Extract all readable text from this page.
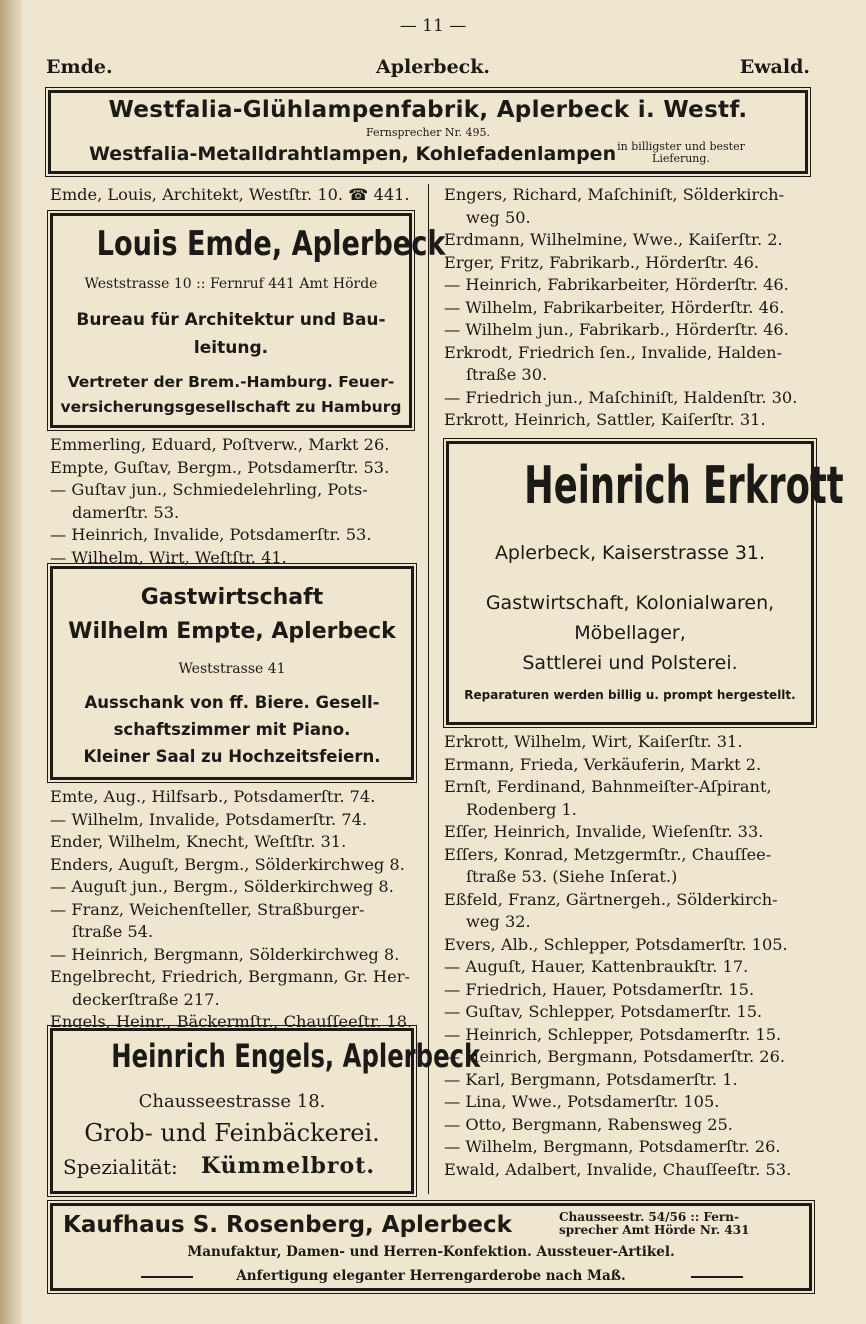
— 11 —
Emde.	Aplerbeck.	Ewald.
Westfalia-Glühlampenfabrik, Aplerbeck i. Westf.
Fernsprecher Nr. 495.
Westfalia-Metalldrahtlampen, Kohlefadenlampen in billigster und bester
Lieferung.
Emde, Louis, Architekt, Westſtr. 10. ☎ 441.
Louis Emde, Aplerbeck
Weststrasse 10 :: Fernruf 441 Amt Hörde
Bureau für Architektur und Bau-
leitung.
Vertreter der Brem.-Hamburg. Feuer-
versicherungsgesellschaft zu Hamburg
Emmerling, Eduard, Poſtverw., Markt 26.
Empte, Guſtav, Bergm., Potsdamerſtr. 53.
— Guſtav jun., Schmiedelehrling, Pots-
damerſtr. 53.
— Heinrich, Invalide, Potsdamerſtr. 53.
— Wilhelm, Wirt, Weſtſtr. 41.
Gastwirtschaft
Wilhelm Empte, Aplerbeck
Weststrasse 41
Ausschank von ff. Biere. Gesell-
schaftszimmer mit Piano.
Kleiner Saal zu Hochzeitsfeiern.
Emte, Aug., Hilfsarb., Potsdamerſtr. 74.
— Wilhelm, Invalide, Potsdamerſtr. 74.
Ender, Wilhelm, Knecht, Weſtſtr. 31.
Enders, Auguſt, Bergm., Sölderkirchweg 8.
— Auguſt jun., Bergm., Sölderkirchweg 8.
— Franz, Weichenſteller, Straßburger-
ſtraße 54.
— Heinrich, Bergmann, Sölderkirchweg 8.
Engelbrecht, Friedrich, Bergmann, Gr. Her-
deckerſtraße 217.
Engels, Heinr., Bäckermſtr., Chauſſeeſtr. 18.
Heinrich Engels, Aplerbeck
Chausseestrasse 18.
Grob- und Feinbäckerei.
Spezialität: Kümmelbrot.
Engers, Richard, Maſchiniſt, Sölderkirch-
weg 50.
Erdmann, Wilhelmine, Wwe., Kaiſerſtr. 2.
Erger, Fritz, Fabrikarb., Hörderſtr. 46.
— Heinrich, Fabrikarbeiter, Hörderſtr. 46.
— Wilhelm, Fabrikarbeiter, Hörderſtr. 46.
— Wilhelm jun., Fabrikarb., Hörderſtr. 46.
Erkrodt, Friedrich ſen., Invalide, Halden-
ſtraße 30.
— Friedrich jun., Maſchiniſt, Haldenſtr. 30.
Erkrott, Heinrich, Sattler, Kaiſerſtr. 31.
Heinrich Erkrott
Aplerbeck, Kaiserstrasse 31.
Gastwirtschaft, Kolonialwaren,
Möbellager,
Sattlerei und Polsterei.
Reparaturen werden billig u. prompt hergestellt.
Erkrott, Wilhelm, Wirt, Kaiſerſtr. 31.
Ermann, Frieda, Verkäuferin, Markt 2.
Ernſt, Ferdinand, Bahnmeiſter-Aſpirant,
Rodenberg 1.
Eſſer, Heinrich, Invalide, Wieſenſtr. 33.
Eſſers, Konrad, Metzgermſtr., Chauſſee-
ſtraße 53. (Siehe Inſerat.)
Eßfeld, Franz, Gärtnergeh., Sölderkirch-
weg 32.
Evers, Alb., Schlepper, Potsdamerſtr. 105.
— Auguſt, Hauer, Kattenbraukſtr. 17.
— Friedrich, Hauer, Potsdamerſtr. 15.
— Guſtav, Schlepper, Potsdamerſtr. 15.
— Heinrich, Schlepper, Potsdamerſtr. 15.
— Heinrich, Bergmann, Potsdamerſtr. 26.
— Karl, Bergmann, Potsdamerſtr. 1.
— Lina, Wwe., Potsdamerſtr. 105.
— Otto, Bergmann, Rabensweg 25.
— Wilhelm, Bergmann, Potsdamerſtr. 26.
Ewald, Adalbert, Invalide, Chauſſeeſtr. 53.
Kaufhaus S. Rosenberg, Aplerbeck	Chausseestr. 54/56 :: Fern-
sprecher Amt Hörde Nr. 431
Manufaktur, Damen- und Herren-Konfektion. Aussteuer-Artikel.
Anfertigung eleganter Herrengarderobe nach Maß.
